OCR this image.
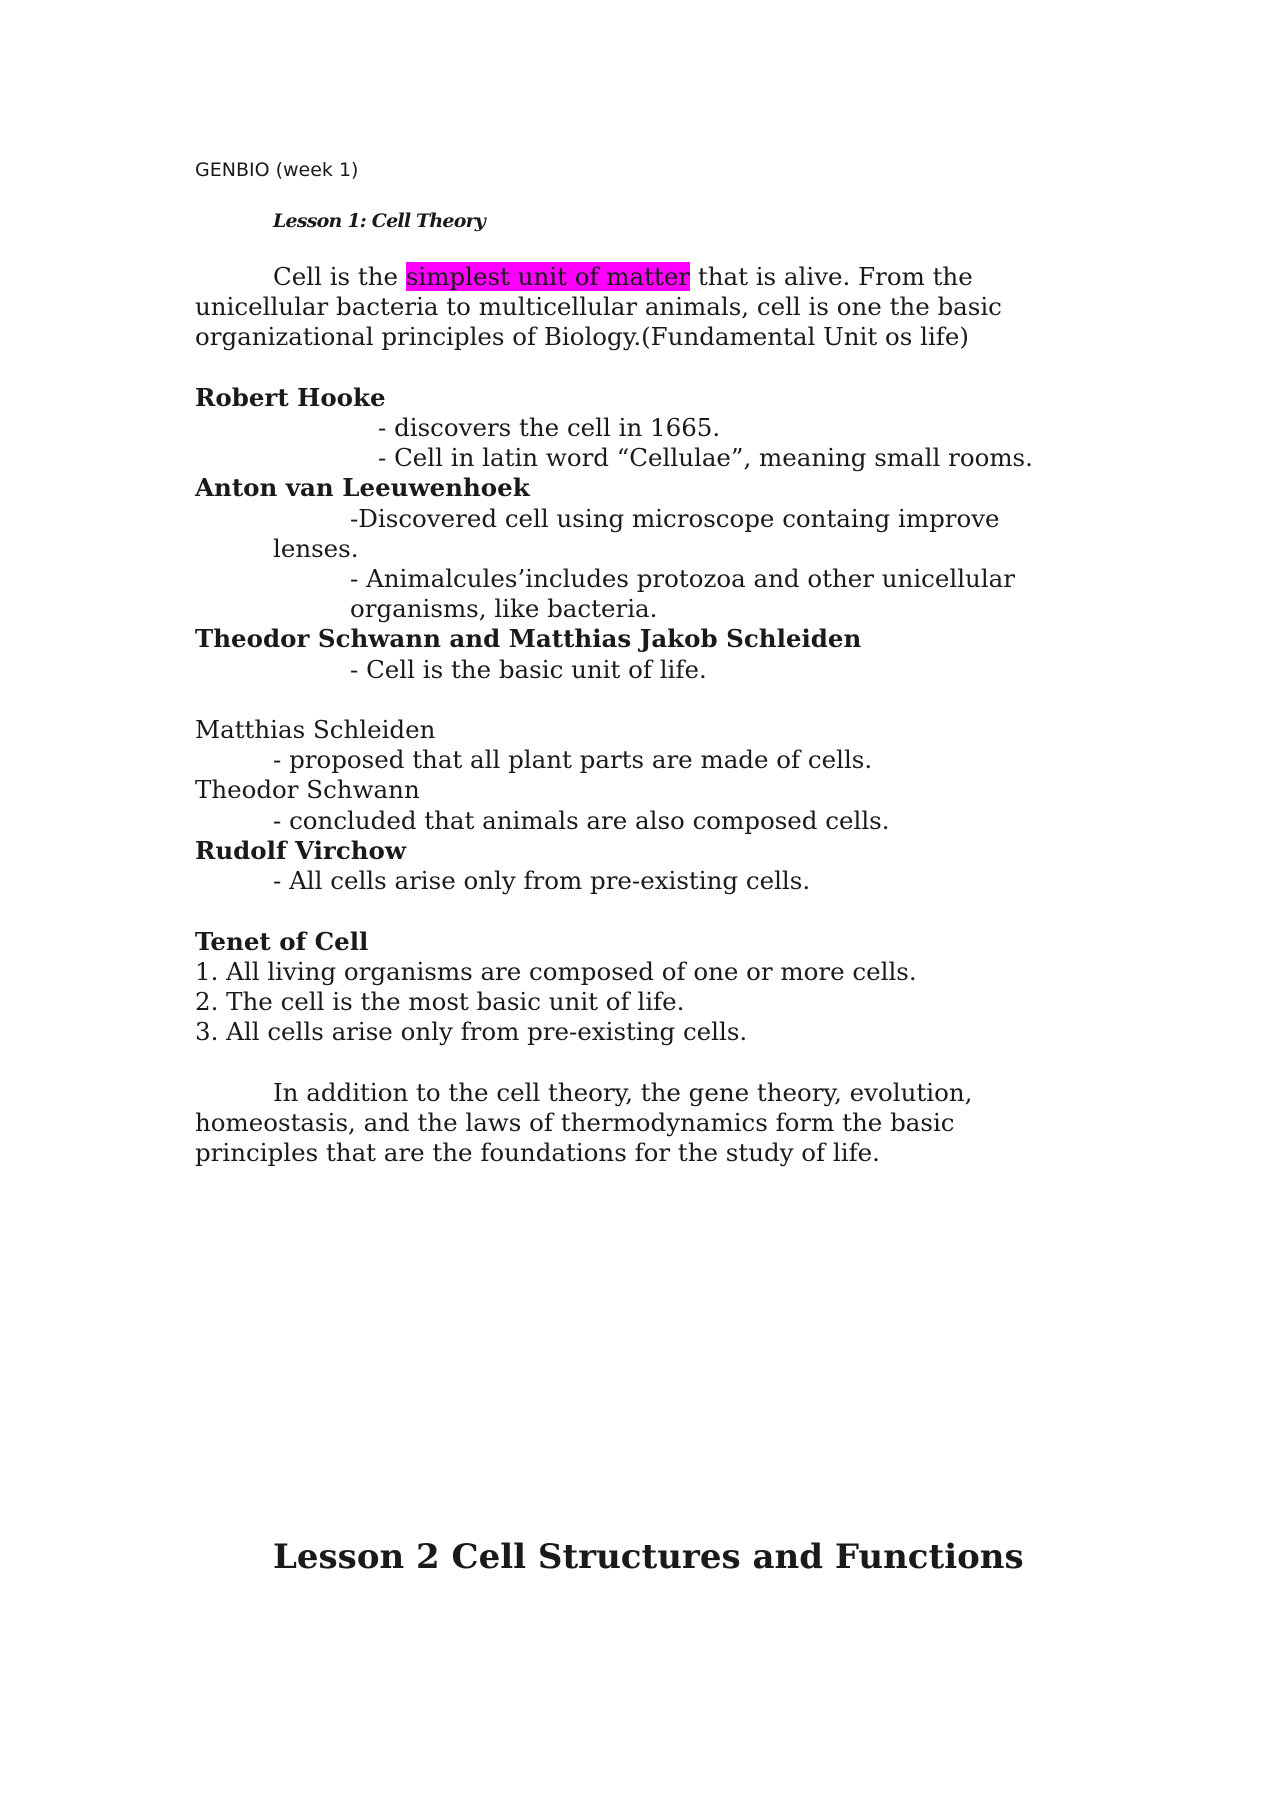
GENBIO (week 1)
Lesson 1: Cell Theory
Cell is the simplest unit of matter that is alive. From the
unicellular bacteria to multicellular animals, cell is one the basic
organizational principles of Biology.(Fundamental Unit os life)
Robert Hooke
- discovers the cell in 1665.
- Cell in latin word “Cellulae”, meaning small rooms.
Anton van Leeuwenhoek
-Discovered cell using microscope containg improve
lenses.
- Animalcules’includes protozoa and other unicellular
organisms, like bacteria.
Theodor Schwann and Matthias Jakob Schleiden
- Cell is the basic unit of life.
Matthias Schleiden
- proposed that all plant parts are made of cells.
Theodor Schwann
- concluded that animals are also composed cells.
Rudolf Virchow
- All cells arise only from pre-existing cells.
Tenet of Cell
1. All living organisms are composed of one or more cells.
2. The cell is the most basic unit of life.
3. All cells arise only from pre-existing cells.
In addition to the cell theory, the gene theory, evolution,
homeostasis, and the laws of thermodynamics form the basic
principles that are the foundations for the study of life.
Lesson 2 Cell Structures and Functions
